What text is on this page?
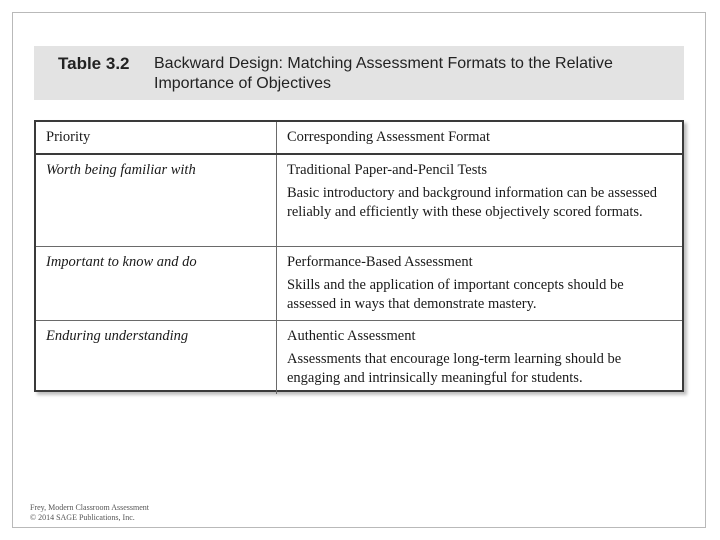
Table 3.2 Backward Design: Matching Assessment Formats to the Relative
Importance of Objectives
Priority	Corresponding Assessment Format
Worth being familiar with	Traditional Paper-and-Pencil Tests
Basic introductory and background information can be assessed reliably and efficiently with these objectively scored formats.

Important to know and do	Performance-Based Assessment
Skills and the application of important concepts should be assessed in ways that demonstrate mastery.

Enduring understanding	Authentic Assessment
Assessments that encourage long-term learning should be engaging and intrinsically meaningful for students.
Frey, Modern Classroom Assessment
© 2014 SAGE Publications, Inc.
